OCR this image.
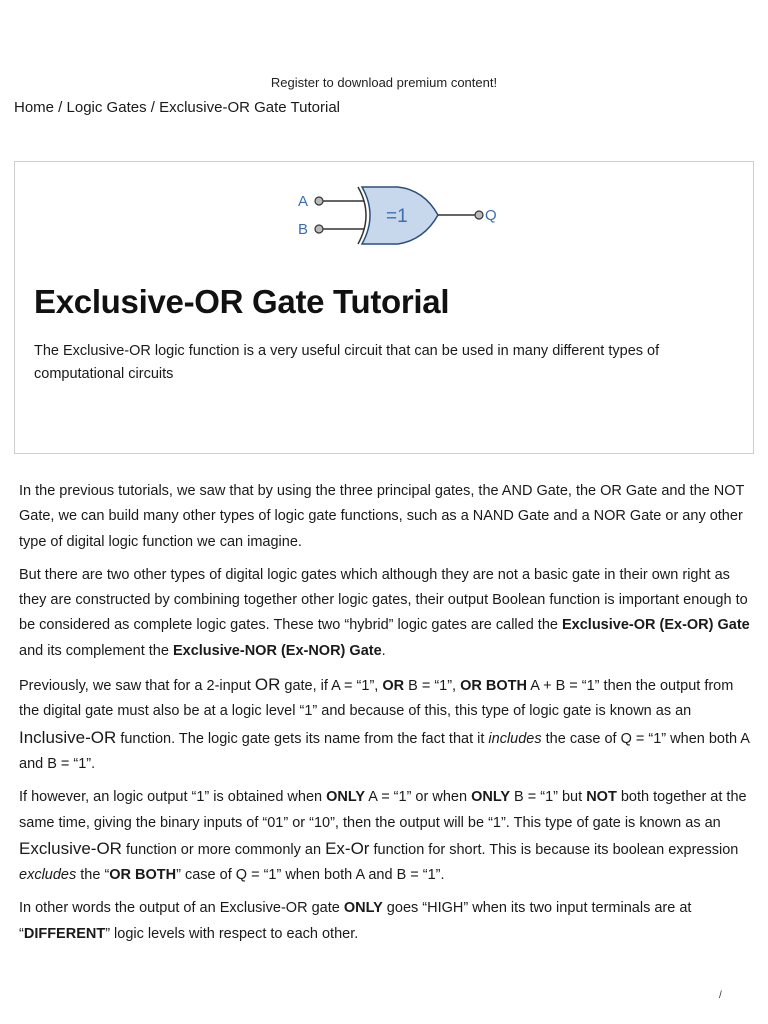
Register to download premium content!
Home / Logic Gates / Exclusive-OR Gate Tutorial
=1
A
B
Q
Exclusive-OR Gate Tutorial

The Exclusive-OR logic function is a very useful circuit that can be used in many different types of computational circuits

In the previous tutorials, we saw that by using the three principal gates, the AND Gate, the OR Gate and the NOT Gate, we can build many other types of logic gate functions, such as a NAND Gate and a NOR Gate or any other type of digital logic function we can imagine.

But there are two other types of digital logic gates which although they are not a basic gate in their own right as they are constructed by combining together other logic gates, their output Boolean function is important enough to be considered as complete logic gates. These two “hybrid” logic gates are called the Exclusive-OR (Ex-OR) Gate and its complement the Exclusive-NOR (Ex-NOR) Gate.

Previously, we saw that for a 2-input OR gate, if A = “1”, OR B = “1”, OR BOTH A + B = “1” then the output from the digital gate must also be at a logic level “1” and because of this, this type of logic gate is known as an Inclusive-OR function. The logic gate gets its name from the fact that it includes the case of Q = “1” when both A and B = “1”.

If however, an logic output “1” is obtained when ONLY A = “1” or when ONLY B = “1” but NOT both together at the same time, giving the binary inputs of “01” or “10”, then the output will be “1”. This type of gate is known as an Exclusive-OR function or more commonly an Ex-Or function for short. This is because its boolean expression excludes the “OR BOTH” case of Q = “1” when both A and B = “1”.

In other words the output of an Exclusive-OR gate ONLY goes “HIGH” when its two input terminals are at “DIFFERENT” logic levels with respect to each other.

/
